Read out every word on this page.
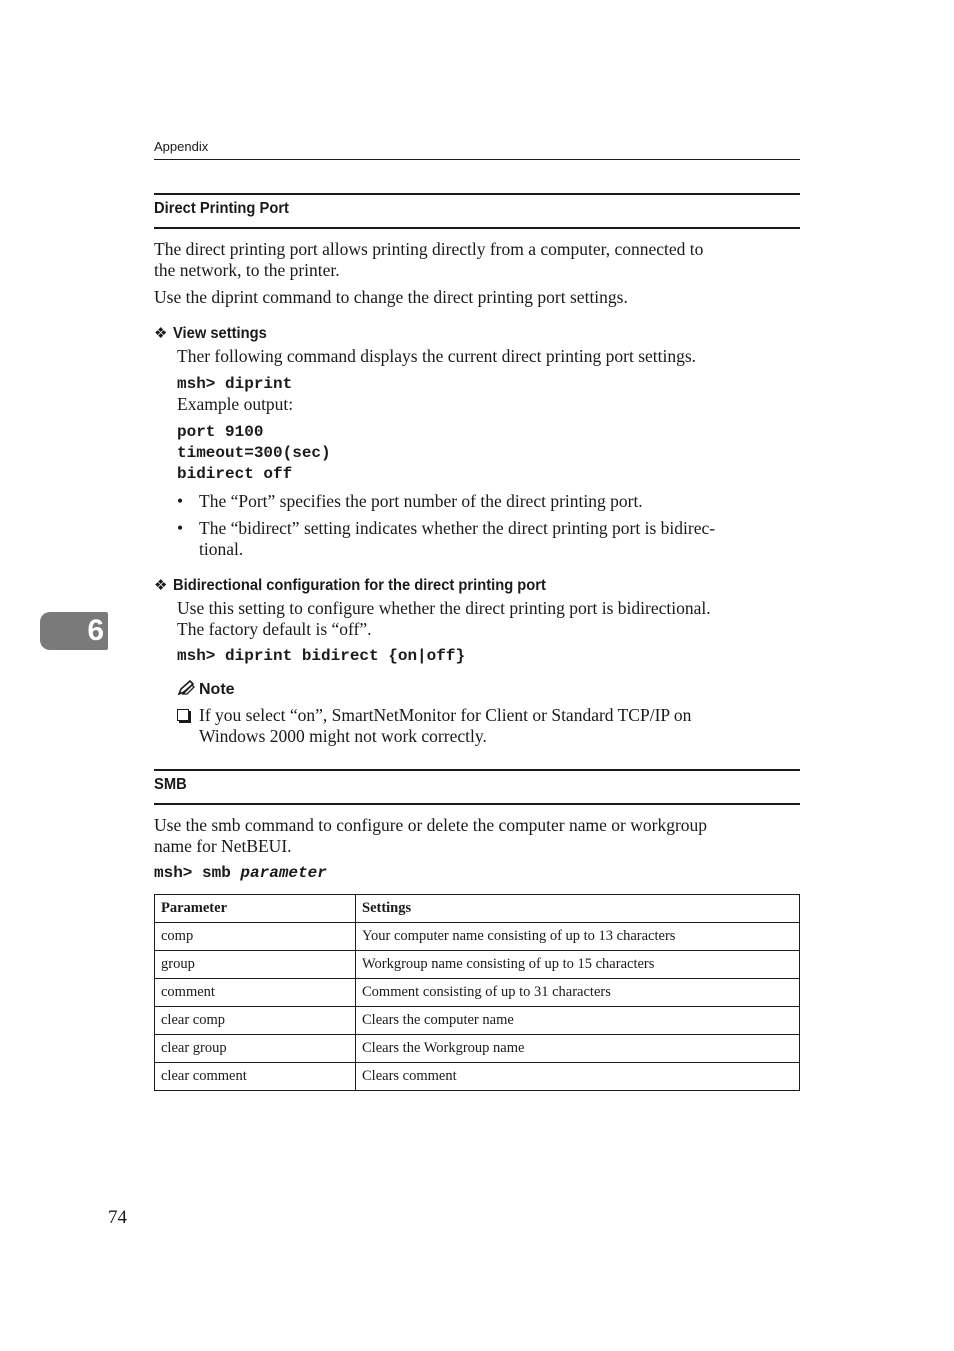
Appendix
6
Direct Printing Port
The direct printing port allows printing directly from a computer, connected to
the network, to the printer.
Use the diprint command to change the direct printing port settings.
❖ View settings
Ther following command displays the current direct printing port settings.
msh> diprint
Example output:
port 9100
timeout=300(sec)
bidirect off
• The “Port” specifies the port number of the direct printing port.
• The “bidirect” setting indicates whether the direct printing port is bidirec-
tional.
❖ Bidirectional configuration for the direct printing port
Use this setting to configure whether the direct printing port is bidirectional.
The factory default is “off”.
msh> diprint bidirect {on|off}
Note
If you select “on”, SmartNetMonitor for Client or Standard TCP/IP on
Windows 2000 might not work correctly.
SMB
Use the smb command to configure or delete the computer name or workgroup
name for NetBEUI.
msh> smb parameter
Parameter	Settings
comp	Your computer name consisting of up to 13 characters
group	Workgroup name consisting of up to 15 characters
comment	Comment consisting of up to 31 characters
clear comp	Clears the computer name
clear group	Clears the Workgroup name
clear comment	Clears comment
74
